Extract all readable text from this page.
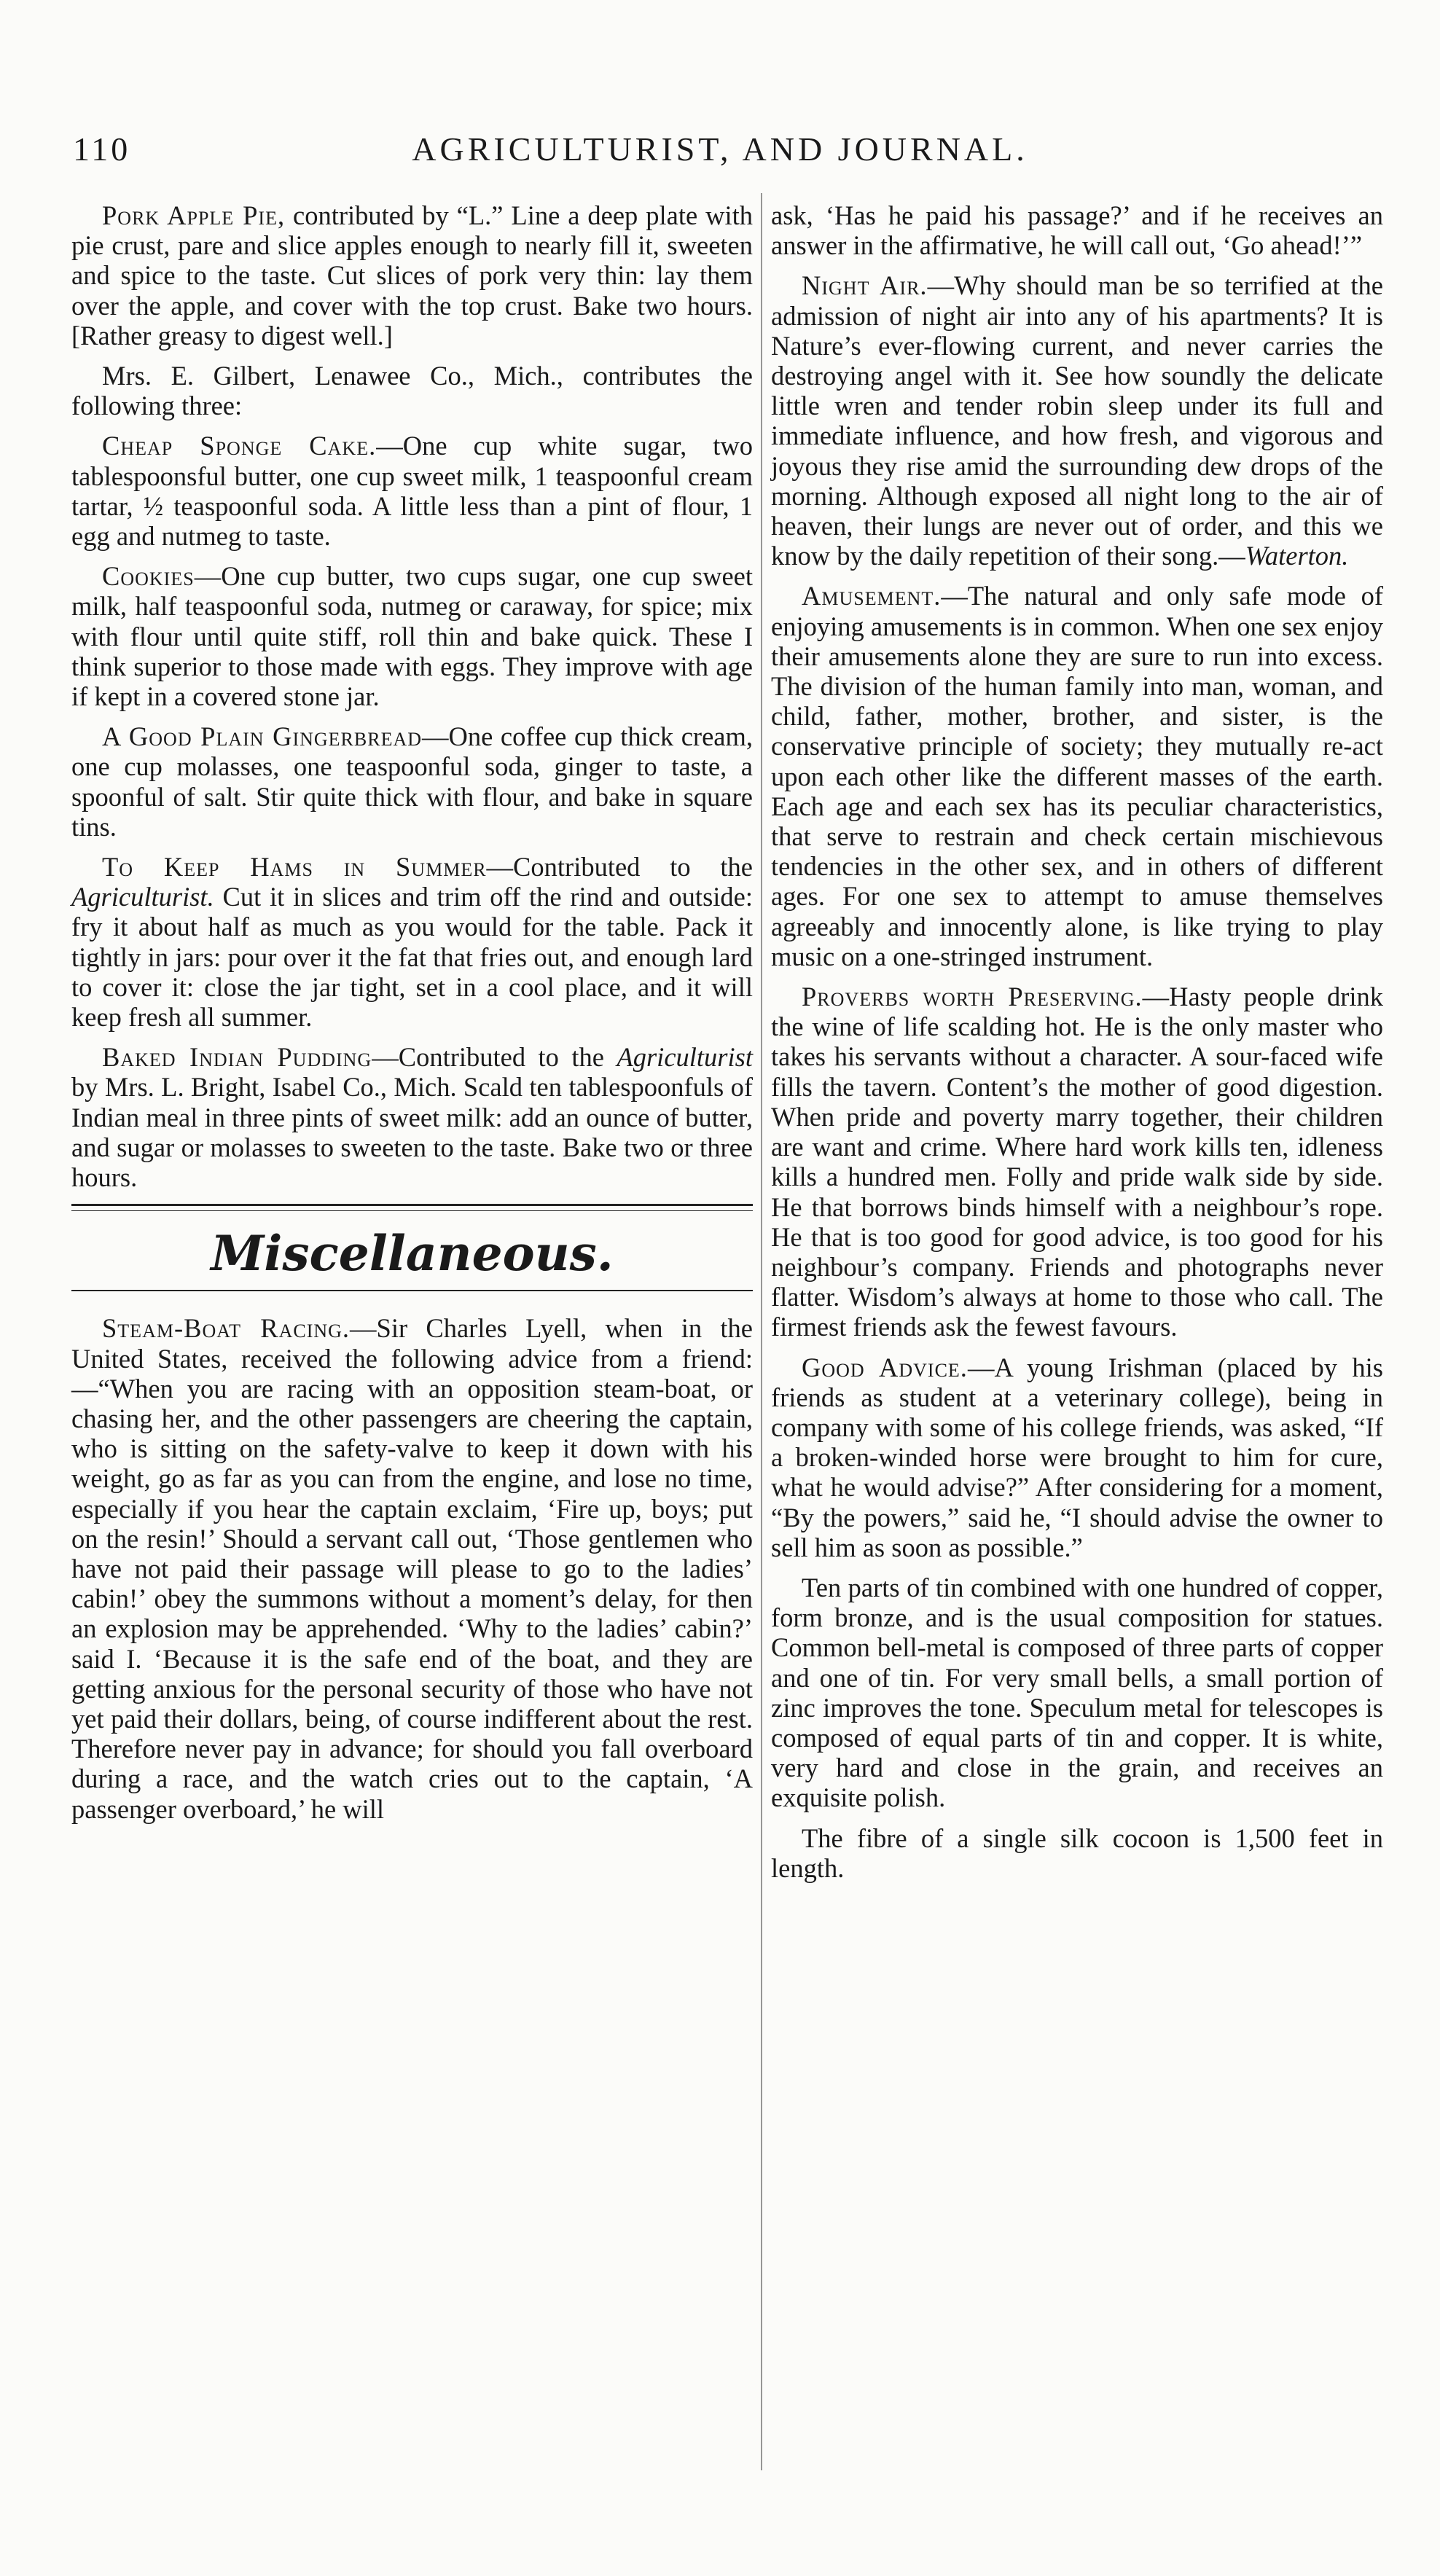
110	AGRICULTURIST, AND JOURNAL.

Pork Apple Pie, contributed by “L.” Line a deep plate with pie crust, pare and slice apples enough to nearly fill it, sweeten and spice to the taste. Cut slices of pork very thin: lay them over the apple, and cover with the top crust. Bake two hours. [Rather greasy to digest well.]

Mrs. E. Gilbert, Lenawee Co., Mich., contributes the following three:

Cheap Sponge Cake.—One cup white sugar, two tablespoonsful butter, one cup sweet milk, 1 teaspoonful cream tartar, ½ teaspoonful soda. A little less than a pint of flour, 1 egg and nutmeg to taste.

Cookies—One cup butter, two cups sugar, one cup sweet milk, half teaspoonful soda, nutmeg or caraway, for spice; mix with flour until quite stiff, roll thin and bake quick. These I think superior to those made with eggs. They improve with age if kept in a covered stone jar.

A Good Plain Gingerbread—One coffee cup thick cream, one cup molasses, one teaspoonful soda, ginger to taste, a spoonful of salt. Stir quite thick with flour, and bake in square tins.

To Keep Hams in Summer—Contributed to the Agriculturist. Cut it in slices and trim off the rind and outside: fry it about half as much as you would for the table. Pack it tightly in jars: pour over it the fat that fries out, and enough lard to cover it: close the jar tight, set in a cool place, and it will keep fresh all summer.

Baked Indian Pudding—Contributed to the Agriculturist by Mrs. L. Bright, Isabel Co., Mich. Scald ten tablespoonfuls of Indian meal in three pints of sweet milk: add an ounce of butter, and sugar or molasses to sweeten to the taste. Bake two or three hours.

Miscellaneous.

Steam-Boat Racing.—Sir Charles Lyell, when in the United States, received the following advice from a friend:—“When you are racing with an opposition steam-boat, or chasing her, and the other passengers are cheering the captain, who is sitting on the safety-valve to keep it down with his weight, go as far as you can from the engine, and lose no time, especially if you hear the captain exclaim, ‘Fire up, boys; put on the resin!’ Should a servant call out, ‘Those gentlemen who have not paid their passage will please to go to the ladies’ cabin!’ obey the summons without a moment’s delay, for then an explosion may be apprehended. ‘Why to the ladies’ cabin?’ said I. ‘Because it is the safe end of the boat, and they are getting anxious for the personal security of those who have not yet paid their dollars, being, of course indifferent about the rest. Therefore never pay in advance; for should you fall overboard during a race, and the watch cries out to the captain, ‘A passenger overboard,’ he will

ask, ‘Has he paid his passage?’ and if he receives an answer in the affirmative, he will call out, ‘Go ahead!’”

Night Air.—Why should man be so terrified at the admission of night air into any of his apartments? It is Nature’s ever-flowing current, and never carries the destroying angel with it. See how soundly the delicate little wren and tender robin sleep under its full and immediate influence, and how fresh, and vigorous and joyous they rise amid the surrounding dew drops of the morning. Although exposed all night long to the air of heaven, their lungs are never out of order, and this we know by the daily repetition of their song.—Waterton.

Amusement.—The natural and only safe mode of enjoying amusements is in common. When one sex enjoy their amusements alone they are sure to run into excess. The division of the human family into man, woman, and child, father, mother, brother, and sister, is the conservative principle of society; they mutually re-act upon each other like the different masses of the earth. Each age and each sex has its peculiar characteristics, that serve to restrain and check certain mischievous tendencies in the other sex, and in others of different ages. For one sex to attempt to amuse themselves agreeably and innocently alone, is like trying to play music on a one-stringed instrument.

Proverbs worth Preserving.—Hasty people drink the wine of life scalding hot. He is the only master who takes his servants without a character. A sour-faced wife fills the tavern. Content’s the mother of good digestion. When pride and poverty marry together, their children are want and crime. Where hard work kills ten, idleness kills a hundred men. Folly and pride walk side by side. He that borrows binds himself with a neighbour’s rope. He that is too good for good advice, is too good for his neighbour’s company. Friends and photographs never flatter. Wisdom’s always at home to those who call. The firmest friends ask the fewest favours.

Good Advice.—A young Irishman (placed by his friends as student at a veterinary college), being in company with some of his college friends, was asked, “If a broken-winded horse were brought to him for cure, what he would advise?” After considering for a moment, “By the powers,” said he, “I should advise the owner to sell him as soon as possible.”

Ten parts of tin combined with one hundred of copper, form bronze, and is the usual composition for statues. Common bell-metal is composed of three parts of copper and one of tin. For very small bells, a small portion of zinc improves the tone. Speculum metal for telescopes is composed of equal parts of tin and copper. It is white, very hard and close in the grain, and receives an exquisite polish.

The fibre of a single silk cocoon is 1,500 feet in length.
